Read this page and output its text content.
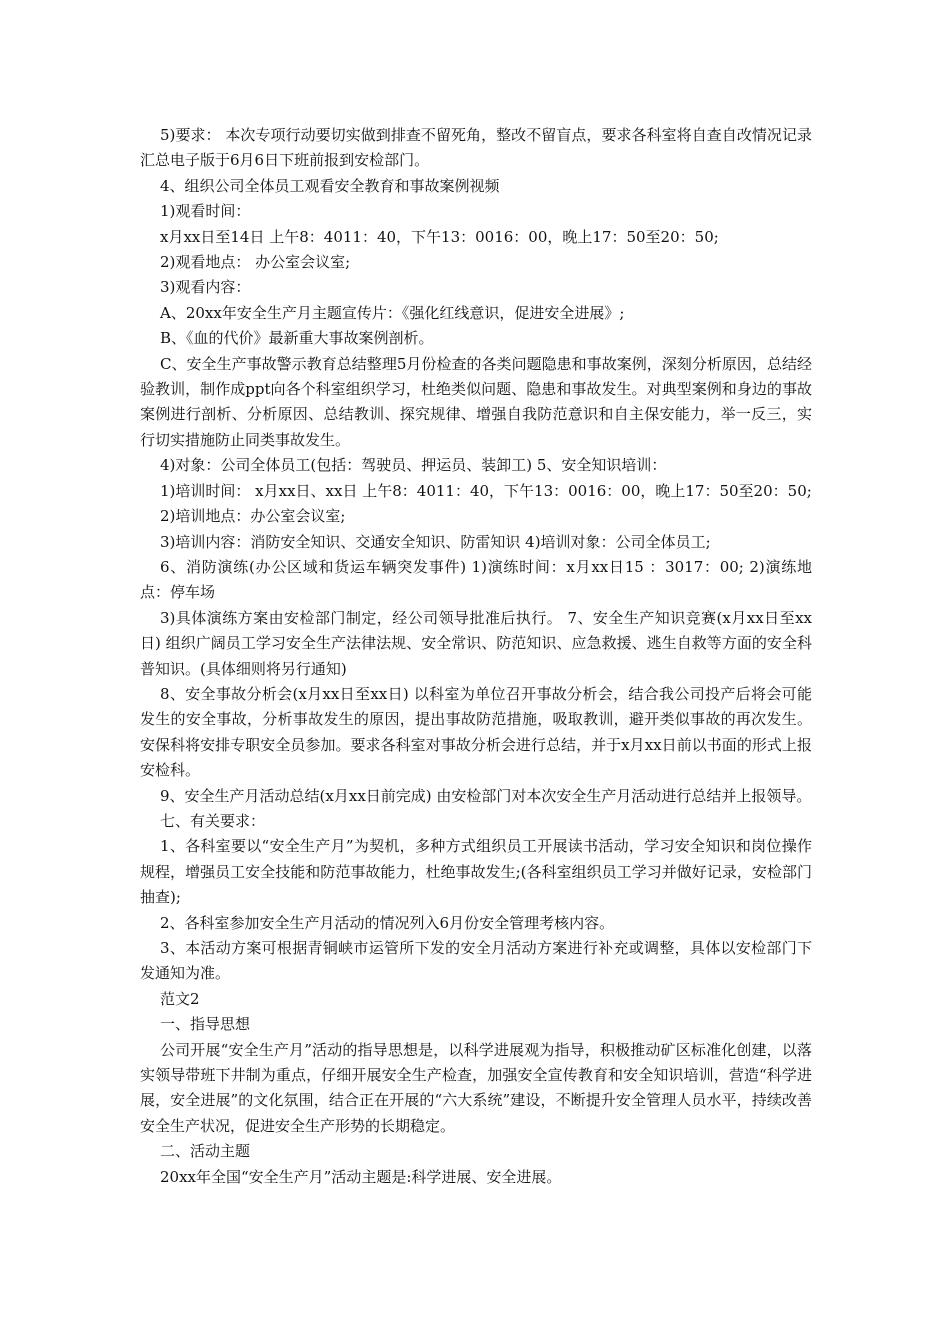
5)要求： 本次专项行动要切实做到排查不留死角，整改不留盲点，要求各科室将自查自改情况记录汇总电子版于6月6日下班前报到安检部门。

4、组织公司全体员工观看安全教育和事故案例视频

1)观看时间：

x月xx日至14日 上午8：4011：40，下午13：0016：00，晚上17：50至20：50;

2)观看地点： 办公室会议室;

3)观看内容：

A、20xx年安全生产月主题宣传片：《强化红线意识，促进安全进展》;

B、《血的代价》最新重大事故案例剖析。

C、安全生产事故警示教育总结整理5月份检查的各类问题隐患和事故案例，深刻分析原因，总结经验教训，制作成ppt向各个科室组织学习，杜绝类似问题、隐患和事故发生。对典型案例和身边的事故案例进行剖析、分析原因、总结教训、探究规律、增强自我防范意识和自主保安能力，举一反三，实行切实措施防止同类事故发生。

4)对象：公司全体员工(包括：驾驶员、押运员、装卸工) 5、安全知识培训：

1)培训时间： x月xx日、xx日 上午8：4011：40，下午13：0016：00，晚上17：50至20：50;

2)培训地点：办公室会议室;

3)培训内容：消防安全知识、交通安全知识、防雷知识 4)培训对象：公司全体员工;

6、消防演练(办公区域和货运车辆突发事件) 1)演练时间：x月xx日15 ：3017：00; 2)演练地点：停车场

3)具体演练方案由安检部门制定，经公司领导批准后执行。 7、安全生产知识竞赛(x月xx日至xx日) 组织广阔员工学习安全生产法律法规、安全常识、防范知识、应急救援、逃生自救等方面的安全科普知识。(具体细则将另行通知)

8、安全事故分析会(x月xx日至xx日) 以科室为单位召开事故分析会，结合我公司投产后将会可能发生的安全事故，分析事故发生的原因，提出事故防范措施，吸取教训，避开类似事故的再次发生。安保科将安排专职安全员参加。要求各科室对事故分析会进行总结，并于x月xx日前以书面的形式上报安检科。

9、安全生产月活动总结(x月xx日前完成) 由安检部门对本次安全生产月活动进行总结并上报领导。

七、有关要求：

1、各科室要以“安全生产月”为契机，多种方式组织员工开展读书活动，学习安全知识和岗位操作规程，增强员工安全技能和防范事故能力，杜绝事故发生;(各科室组织员工学习并做好记录，安检部门抽查);

2、各科室参加安全生产月活动的情况列入6月份安全管理考核内容。

3、本活动方案可根据青铜峡市运管所下发的安全月活动方案进行补充或调整，具体以安检部门下发通知为准。

范文2

一、指导思想

公司开展“安全生产月”活动的指导思想是，以科学进展观为指导，积极推动矿区标准化创建，以落实领导带班下井制为重点，仔细开展安全生产检查，加强安全宣传教育和安全知识培训，营造“科学进展，安全进展”的文化氛围，结合正在开展的“六大系统”建设，不断提升安全管理人员水平，持续改善安全生产状况，促进安全生产形势的长期稳定。

二、活动主题

20xx年全国“安全生产月”活动主题是:科学进展、安全进展。
